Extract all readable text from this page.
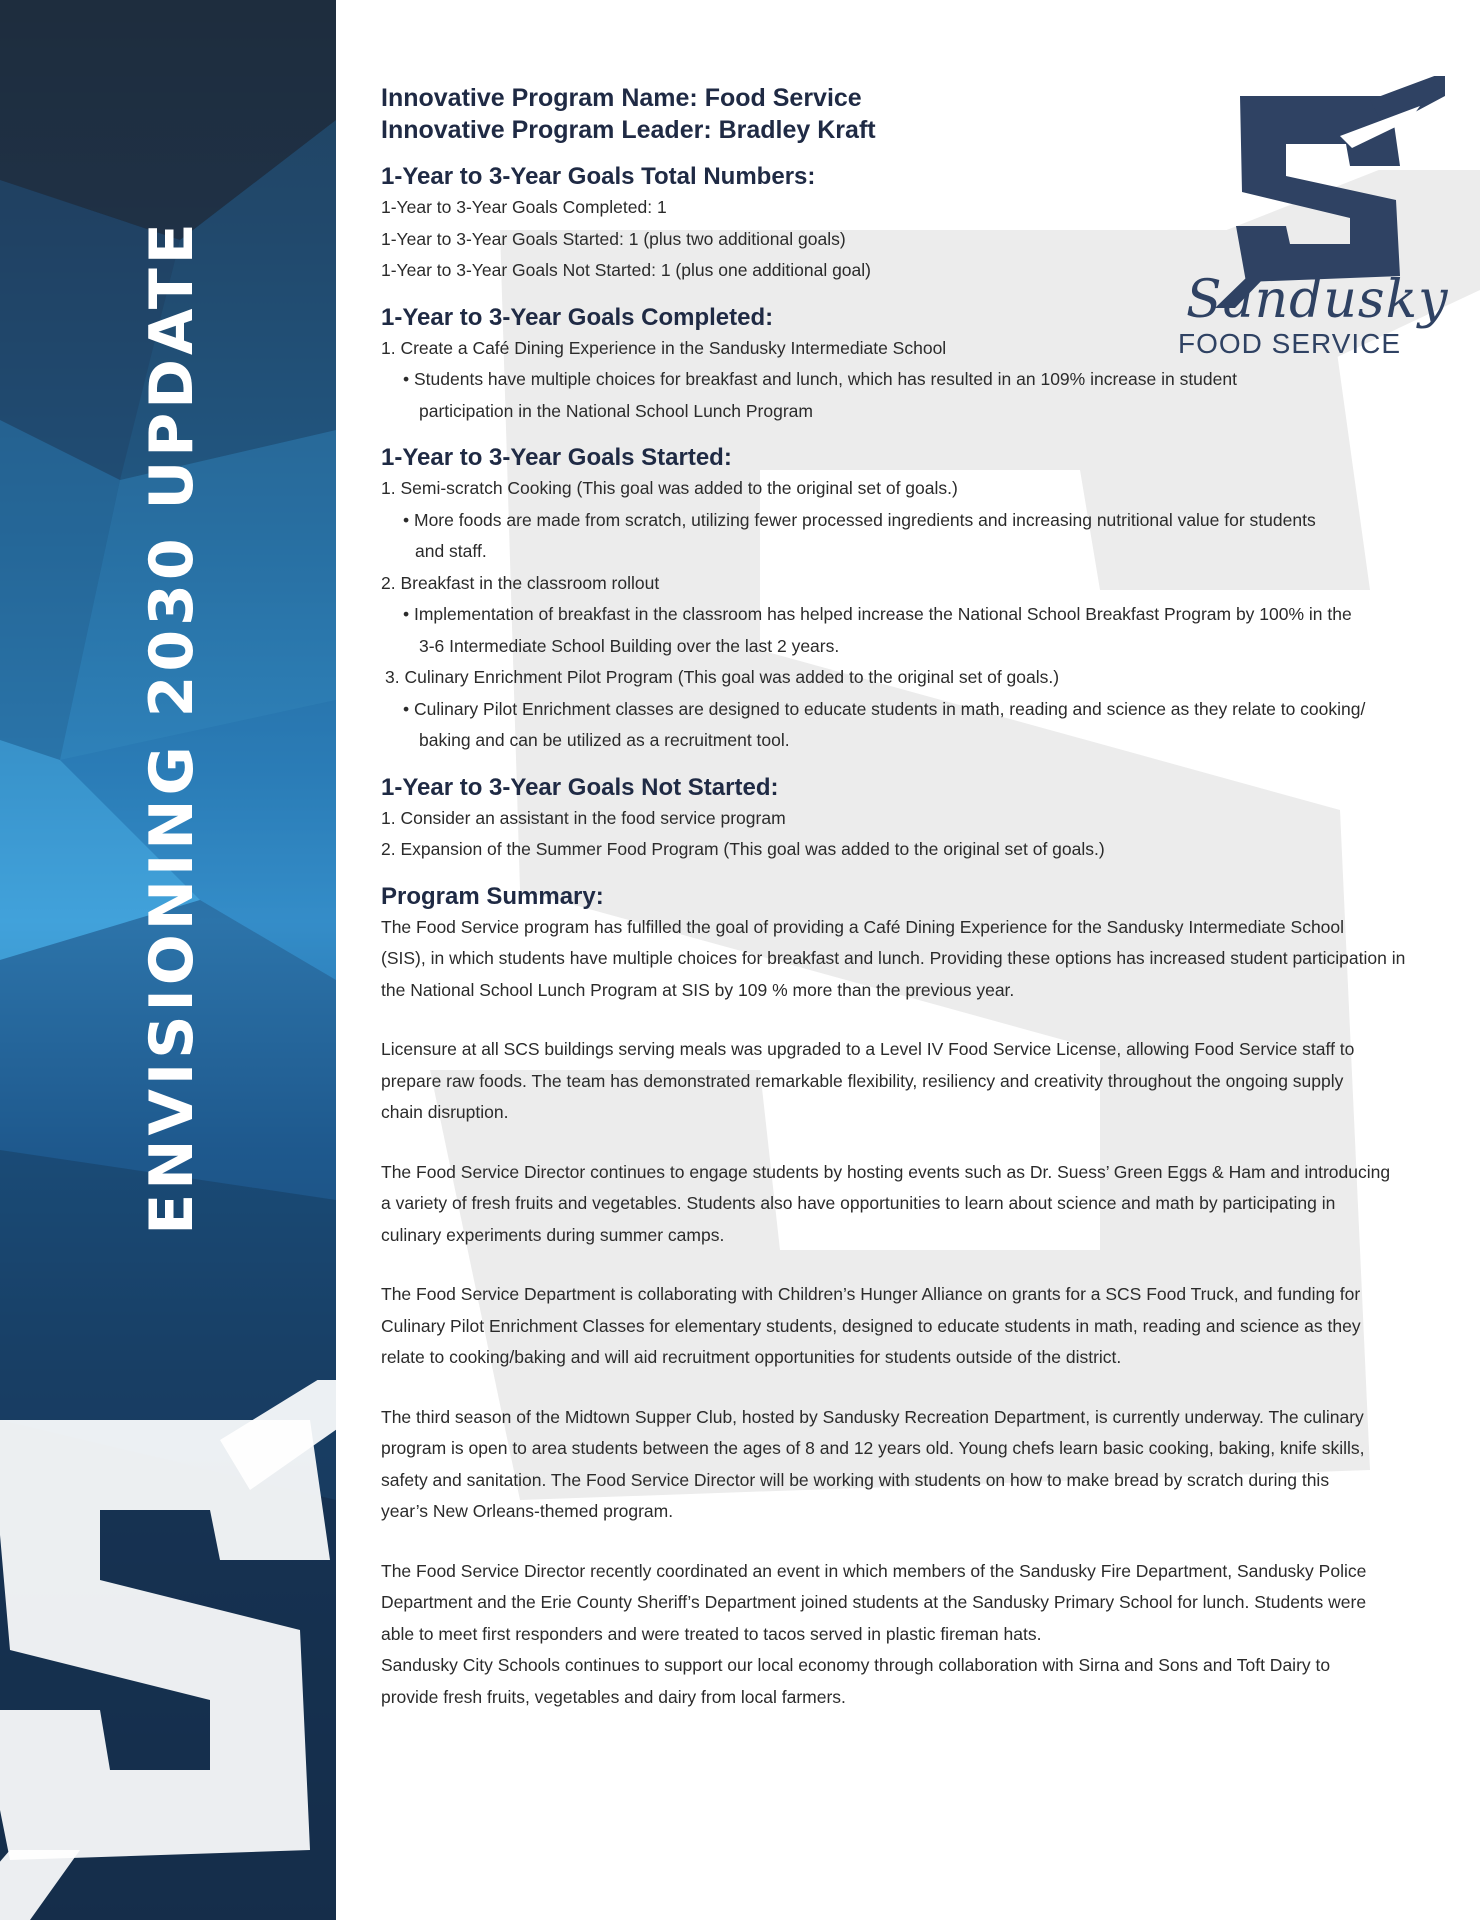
ENVISIONING 2030 UPDATE	Sandusky
FOOD SERVICE

Innovative Program Name: Food Service

Innovative Program Leader: Bradley Kraft

1-Year to 3-Year Goals Total Numbers:

1-Year to 3-Year Goals Completed: 1

1-Year to 3-Year Goals Started: 1 (plus two additional goals)

1-Year to 3-Year Goals Not Started: 1 (plus one additional goal)

1-Year to 3-Year Goals Completed:

1. Create a Café Dining Experience in the Sandusky Intermediate School

• Students have multiple choices for breakfast and lunch, which has resulted in an 109% increase in student

participation in the National School Lunch Program

1-Year to 3-Year Goals Started:

1. Semi-scratch Cooking (This goal was added to the original set of goals.)

• More foods are made from scratch, utilizing fewer processed ingredients and increasing nutritional value for students

and staff.

2. Breakfast in the classroom rollout

• Implementation of breakfast in the classroom has helped increase the National School Breakfast Program by 100% in the

3-6 Intermediate School Building over the last 2 years.

3. Culinary Enrichment Pilot Program (This goal was added to the original set of goals.)

• Culinary Pilot Enrichment classes are designed to educate students in math, reading and science as they relate to cooking/

baking and can be utilized as a recruitment tool.

1-Year to 3-Year Goals Not Started:

1. Consider an assistant in the food service program

2. Expansion of the Summer Food Program (This goal was added to the original set of goals.)

Program Summary:

The Food Service program has fulfilled the goal of providing a Café Dining Experience for the Sandusky Intermediate School

(SIS), in which students have multiple choices for breakfast and lunch. Providing these options has increased student participation in

the National School Lunch Program at SIS by 109 % more than the previous year.

Licensure at all SCS buildings serving meals was upgraded to a Level IV Food Service License, allowing Food Service staff to

prepare raw foods. The team has demonstrated remarkable flexibility, resiliency and creativity throughout the ongoing supply

chain disruption.

The Food Service Director continues to engage students by hosting events such as Dr. Suess’ Green Eggs & Ham and introducing

a variety of fresh fruits and vegetables. Students also have opportunities to learn about science and math by participating in

culinary experiments during summer camps.

The Food Service Department is collaborating with Children’s Hunger Alliance on grants for a SCS Food Truck, and funding for

Culinary Pilot Enrichment Classes for elementary students, designed to educate students in math, reading and science as they

relate to cooking/baking and will aid recruitment opportunities for students outside of the district.

The third season of the Midtown Supper Club, hosted by Sandusky Recreation Department, is currently underway. The culinary

program is open to area students between the ages of 8 and 12 years old. Young chefs learn basic cooking, baking, knife skills,

safety and sanitation. The Food Service Director will be working with students on how to make bread by scratch during this

year’s New Orleans-themed program.

The Food Service Director recently coordinated an event in which members of the Sandusky Fire Department, Sandusky Police

Department and the Erie County Sheriff’s Department joined students at the Sandusky Primary School for lunch. Students were

able to meet first responders and were treated to tacos served in plastic fireman hats.

Sandusky City Schools continues to support our local economy through collaboration with Sirna and Sons and Toft Dairy to

provide fresh fruits, vegetables and dairy from local farmers.
